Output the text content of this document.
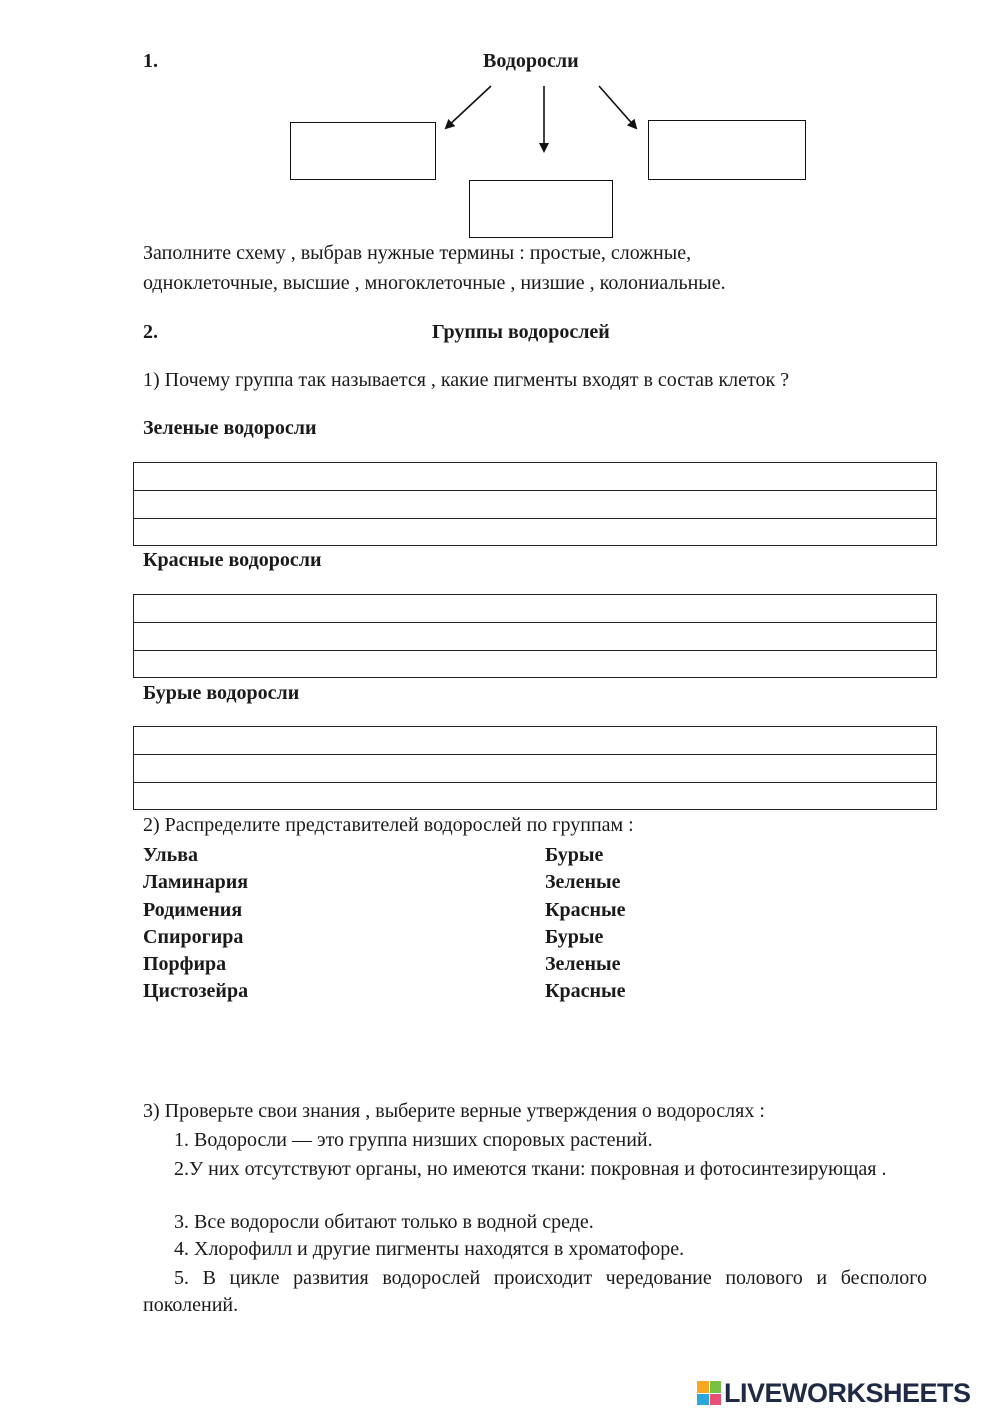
1.	Водоросли
Заполните схему , выбрав нужные термины : простые, сложные,
одноклеточные, высшие , многоклеточные , низшие , колониальные.
2.	Группы водорослей
1) Почему группа так называется , какие пигменты входят в состав клеток ?
Зеленые водоросли
Красные водоросли
Бурые водоросли
2) Распределите представителей водорослей по группам :
Ульва
Ламинария
Родимения
Спирогира
Порфира
Цистозейра
Бурые
Зеленые
Красные
Бурые
Зеленые
Красные
3) Проверьте свои знания , выберите верные утверждения о водорослях :
1. Водоросли — это группа низших споровых растений.
2.У них отсутствуют органы, но имеются ткани: покровная и фотосинтезирующая .
3. Все водоросли обитают только в водной среде.
4. Хлорофилл и другие пигменты находятся в хроматофоре.
5. В цикле развития водорослей происходит чередование полового и бесполого поколений.
LIVEWORKSHEETS
